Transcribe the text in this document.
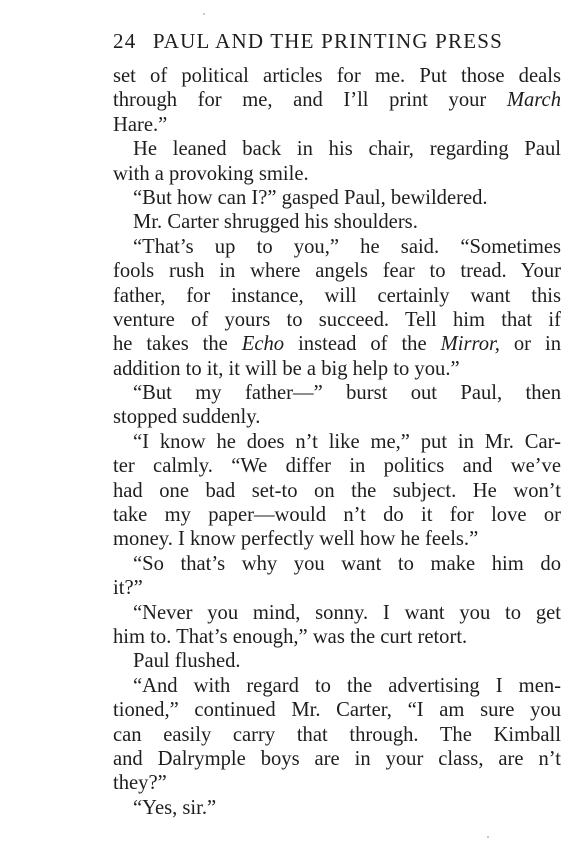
24 PAUL AND THE PRINTING PRESS
set of political articles for me. Put those deals
through for me, and I’ll print your March
Hare.”
He leaned back in his chair, regarding Paul
with a provoking smile.
“But how can I?” gasped Paul, bewildered.
Mr. Carter shrugged his shoulders.
“That’s up to you,” he said. “Sometimes
fools rush in where angels fear to tread. Your
father, for instance, will certainly want this
venture of yours to succeed. Tell him that if
he takes the Echo instead of the Mirror, or in
addition to it, it will be a big help to you.”
“But my father—” burst out Paul, then
stopped suddenly.
“I know he does n’t like me,” put in Mr. Car-
ter calmly. “We differ in politics and we’ve
had one bad set-to on the subject. He won’t
take my paper—would n’t do it for love or
money. I know perfectly well how he feels.”
“So that’s why you want to make him do
it?”
“Never you mind, sonny. I want you to get
him to. That’s enough,” was the curt retort.
Paul flushed.
“And with regard to the advertising I men-
tioned,” continued Mr. Carter, “I am sure you
can easily carry that through. The Kimball
and Dalrymple boys are in your class, are n’t
they?”
“Yes, sir.”
